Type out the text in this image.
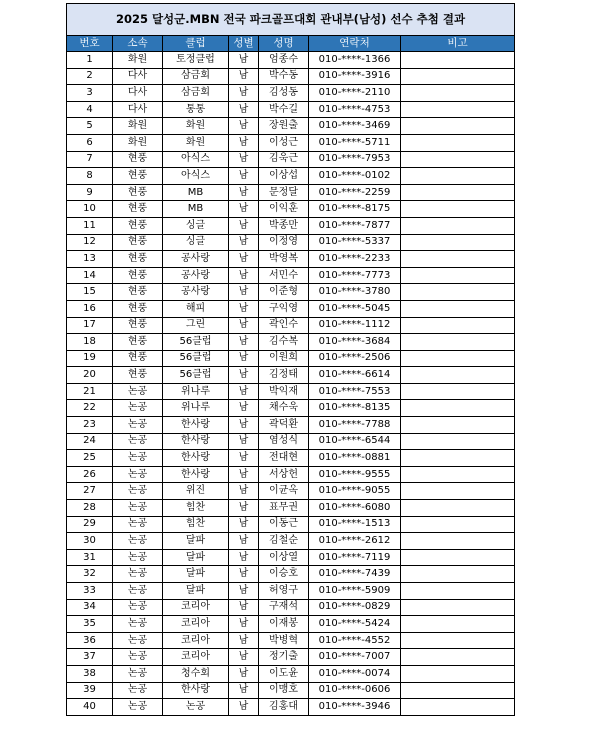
2025 달성군.MBN 전국 파크골프대회 관내부(남성) 선수 추첨 결과						
번호	소속	클럽	성별	성명	연락처	비고
1	화원	토정클럽	남	엄종수	010-****-1366	
2	다사	삼금회	남	박수동	010-****-3916	
3	다사	삼금회	남	김성동	010-****-2110	
4	다사	통통	남	박수길	010-****-4753	
5	화원	화원	남	장원출	010-****-3469	
6	화원	화원	남	이성근	010-****-5711	
7	현풍	아식스	남	김욱근	010-****-7953	
8	현풍	아식스	남	이상섭	010-****-0102	
9	현풍	MB	남	문정달	010-****-2259	
10	현풍	MB	남	이익훈	010-****-8175	
11	현풍	싱글	남	박종만	010-****-7877	
12	현풍	싱글	남	이정영	010-****-5337	
13	현풍	공사랑	남	박영복	010-****-2233	
14	현풍	공사랑	남	서민수	010-****-7773	
15	현풍	공사랑	남	이준형	010-****-3780	
16	현풍	해피	남	구익영	010-****-5045	
17	현풍	그린	남	곽인수	010-****-1112	
18	현풍	56클럽	남	김수복	010-****-3684	
19	현풍	56클럽	남	이원희	010-****-2506	
20	현풍	56클럽	남	김정태	010-****-6614	
21	논공	위나루	남	박익재	010-****-7553	
22	논공	위나루	남	채수욱	010-****-8135	
23	논공	한사랑	남	곽덕환	010-****-7788	
24	논공	한사랑	남	염성식	010-****-6544	
25	논공	한사랑	남	전대현	010-****-0881	
26	논공	한사랑	남	서상헌	010-****-9555	
27	논공	위진	남	이균옥	010-****-9055	
28	논공	힘찬	남	표무권	010-****-6080	
29	논공	힘찬	남	이동근	010-****-1513	
30	논공	달파	남	김철순	010-****-2612	
31	논공	달파	남	이상열	010-****-7119	
32	논공	달파	남	이승호	010-****-7439	
33	논공	달파	남	허영구	010-****-5909	
34	논공	코리아	남	구재석	010-****-0829	
35	논공	코리아	남	이재봉	010-****-5424	
36	논공	코리아	남	박병혁	010-****-4552	
37	논공	코리아	남	정기출	010-****-7007	
38	논공	청수회	남	이도윤	010-****-0074	
39	논공	한사랑	남	이맹호	010-****-0606	
40	논공	논공	남	김홍대	010-****-3946	
